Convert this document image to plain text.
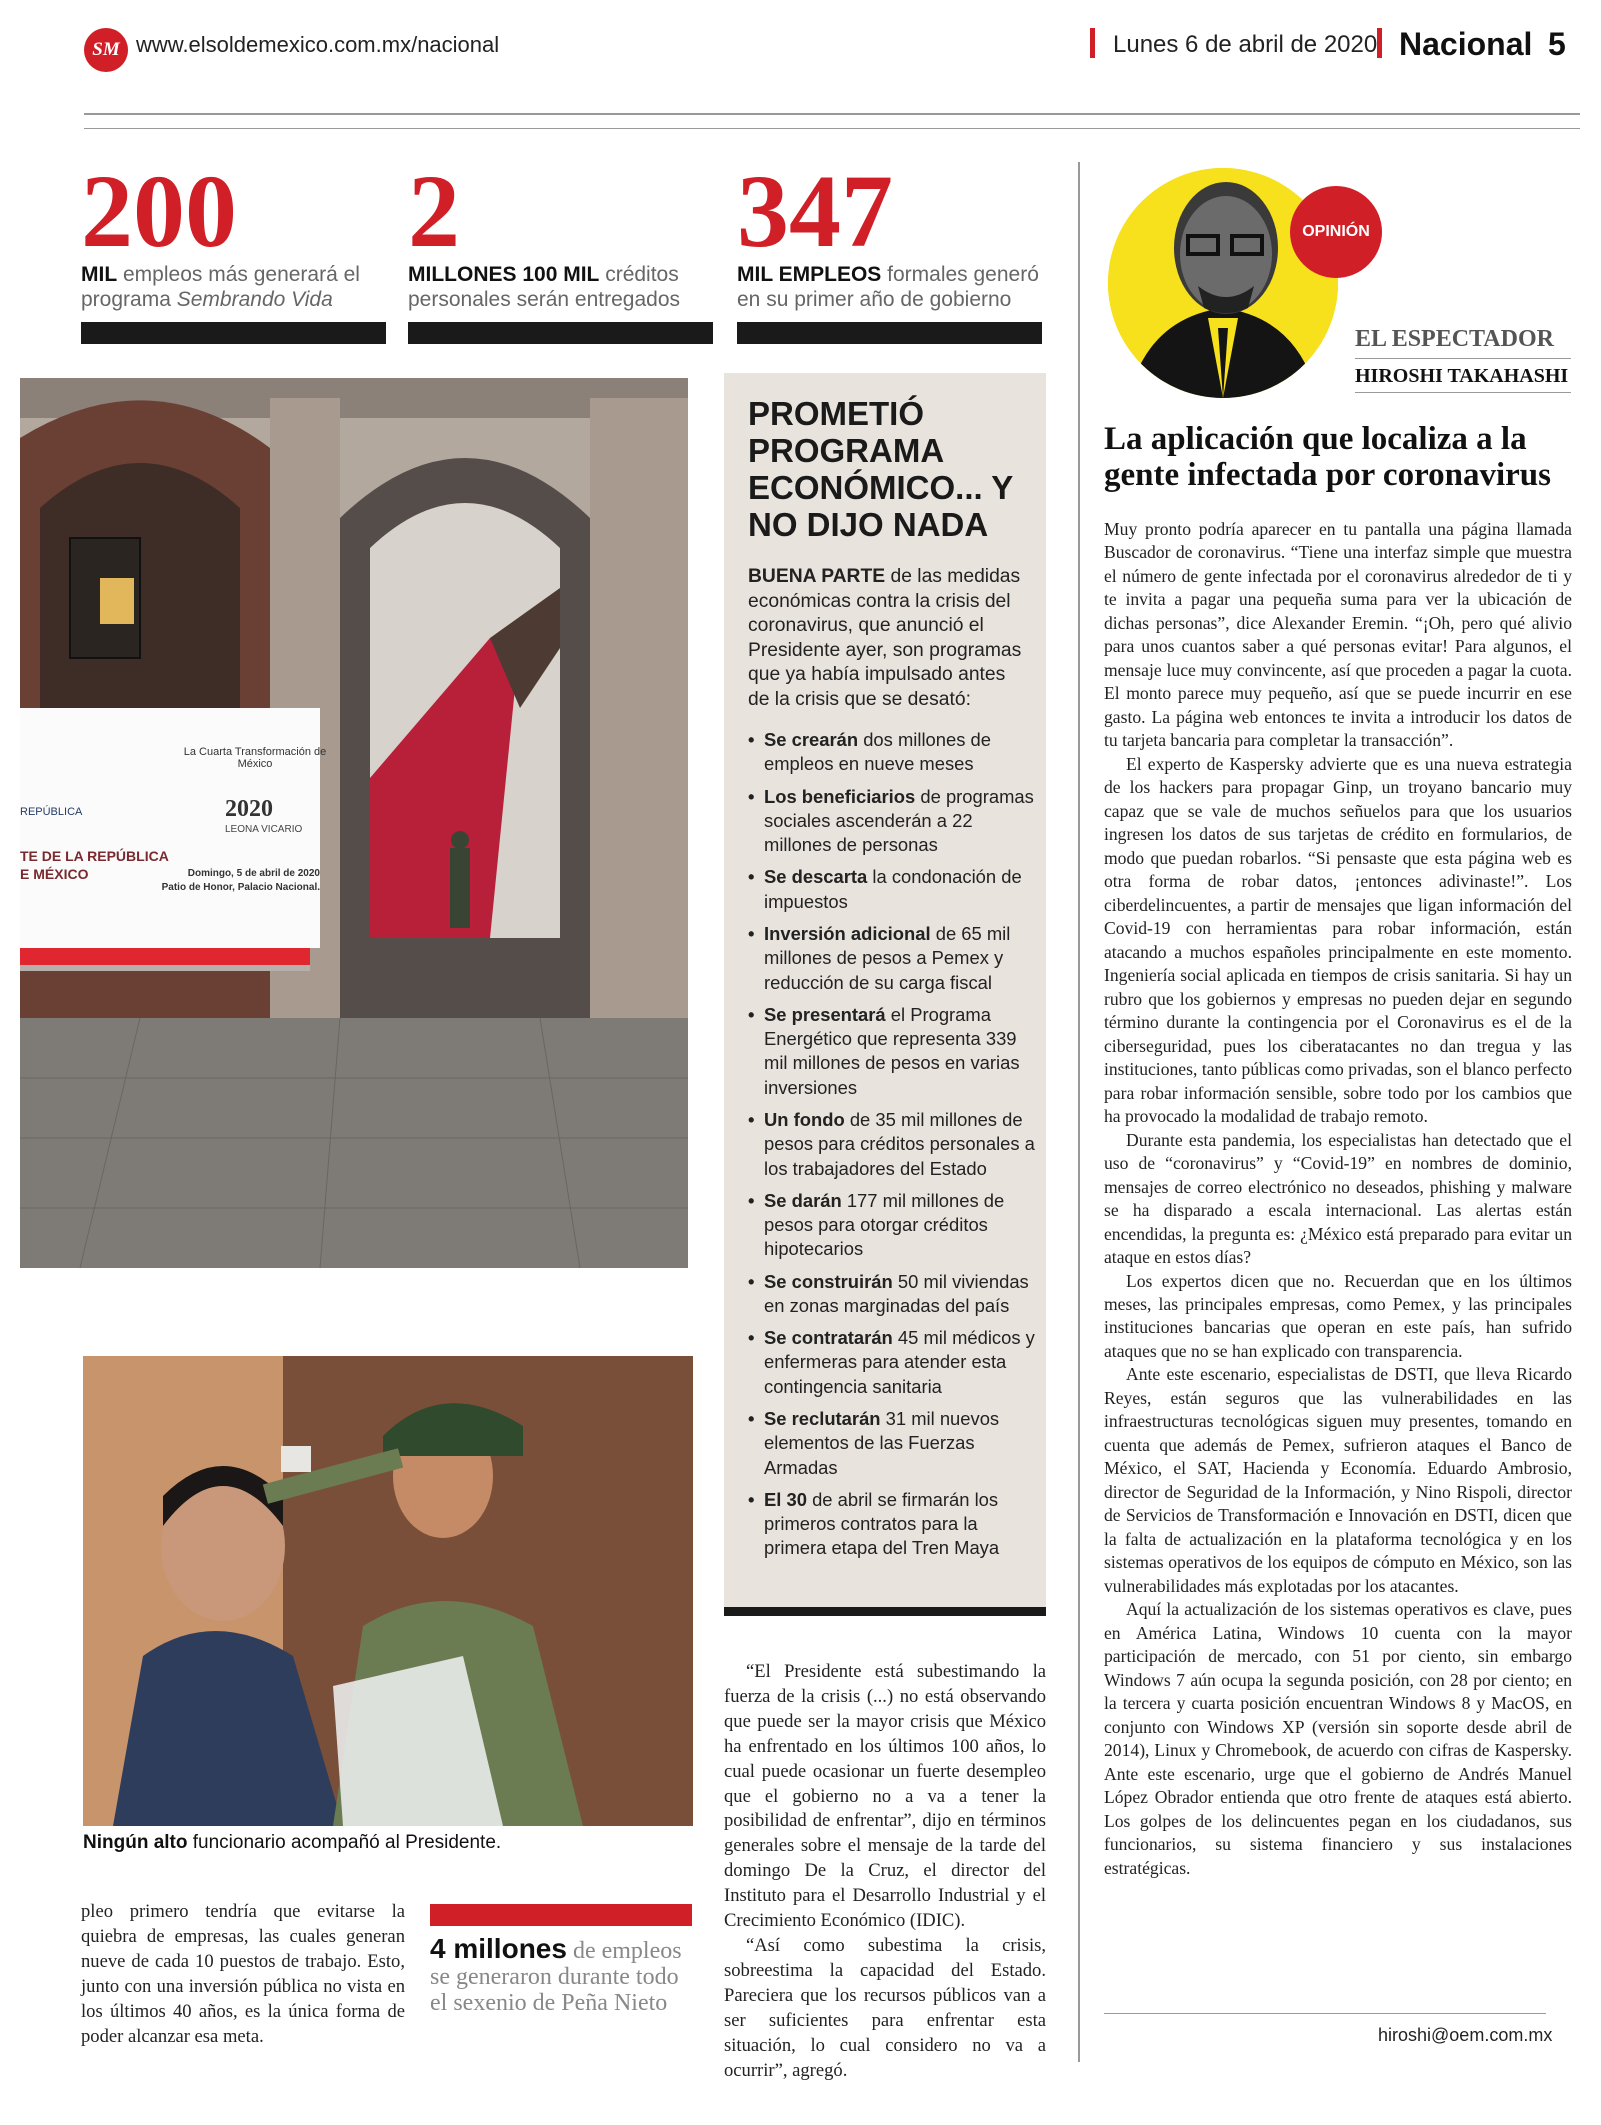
SM www.elsoldemexico.com.mx/nacional	Lunes 6 de abril de 2020 Nacional 5
200
MIL empleos más generará el programa Sembrando Vida
2
MILLONES 100 MIL créditos personales serán entregados
347
MIL EMPLEOS formales generó en su primer año de gobierno
La Cuarta Transformación de México
2020
LEONA VICARIO
REPÚBLICA
TE DE LA REPÚBLICA
E MÉXICO	Domingo, 5 de abril de 2020
Patio de Honor, Palacio Nacional.
Ningún alto funcionario acompañó al Presidente.

pleo primero tendría que evitarse la quiebra de empresas, las cuales generan nueve de cada 10 puestos de trabajo. Esto, junto con una inversión pública no vista en los últimos 40 años, es la única forma de poder alcanzar esa meta.

4 millones de empleos se generaron durante todo el sexenio de Peña Nieto
PROMETIÓ PROGRAMA ECONÓMICO... Y NO DIJO NADA
BUENA PARTE de las medidas económicas contra la crisis del coronavirus, que anunció el Presidente ayer, son programas que ya había impulsado antes de la crisis que se desató:
• Se crearán dos millones de empleos en nueve meses
• Los beneficiarios de programas sociales ascenderán a 22 millones de personas
• Se descarta la condonación de impuestos
• Inversión adicional de 65 mil millones de pesos a Pemex y reducción de su carga fiscal
• Se presentará el Programa Energético que representa 339 mil millones de pesos en varias inversiones
• Un fondo de 35 mil millones de pesos para créditos personales a los trabajadores del Estado
• Se darán 177 mil millones de pesos para otorgar créditos hipotecarios
• Se construirán 50 mil viviendas en zonas marginadas del país
• Se contratarán 45 mil médicos y enfermeras para atender esta contingencia sanitaria
• Se reclutarán 31 mil nuevos elementos de las Fuerzas Armadas
• El 30 de abril se firmarán los primeros contratos para la primera etapa del Tren Maya

“El Presidente está subestimando la fuerza de la crisis (...) no está observando que puede ser la mayor crisis que México ha enfrentado en los últimos 100 años, lo cual puede ocasionar un fuerte desempleo que el gobierno no a va a tener la posibilidad de enfrentar”, dijo en términos generales sobre el mensaje de la tarde del domingo De la Cruz, el director del Instituto para el Desarrollo Industrial y el Crecimiento Económico (IDIC).

“Así como subestima la crisis, sobreestima la capacidad del Estado. Pareciera que los recursos públicos van a ser suficientes para enfrentar esta situación, lo cual considero no va a ocurrir”, agregó.

OPINIÓN
EL ESPECTADOR
HIROSHI TAKAHASHI
La aplicación que localiza a la gente infectada por coronavirus

Muy pronto podría aparecer en tu pantalla una página llamada Buscador de coronavirus. “Tiene una interfaz simple que muestra el número de gente infectada por el coronavirus alrededor de ti y te invita a pagar una pequeña suma para ver la ubicación de dichas personas”, dice Alexander Eremin. “¡Oh, pero qué alivio para unos cuantos saber a qué personas evitar! Para algunos, el mensaje luce muy convincente, así que proceden a pagar la cuota. El monto parece muy pequeño, así que se puede incurrir en ese gasto. La página web entonces te invita a introducir los datos de tu tarjeta bancaria para completar la transacción”.

El experto de Kaspersky advierte que es una nueva estrategia de los hackers para propagar Ginp, un troyano bancario muy capaz que se vale de muchos señuelos para que los usuarios ingresen los datos de sus tarjetas de crédito en formularios, de modo que puedan robarlos. “Si pensaste que esta página web es otra forma de robar datos, ¡entonces adivinaste!”. Los ciberdelincuentes, a partir de mensajes que ligan información del Covid-19 con herramientas para robar información, están atacando a muchos españoles principalmente en este momento. Ingeniería social aplicada en tiempos de crisis sanitaria. Si hay un rubro que los gobiernos y empresas no pueden dejar en segundo término durante la contingencia por el Coronavirus es el de la ciberseguridad, pues los ciberatacantes no dan tregua y las instituciones, tanto públicas como privadas, son el blanco perfecto para robar información sensible, sobre todo por los cambios que ha provocado la modalidad de trabajo remoto.

Durante esta pandemia, los especialistas han detectado que el uso de “coronavirus” y “Covid-19” en nombres de dominio, mensajes de correo electrónico no deseados, phishing y malware se ha disparado a escala internacional. Las alertas están encendidas, la pregunta es: ¿México está preparado para evitar un ataque en estos días?

Los expertos dicen que no. Recuerdan que en los últimos meses, las principales empresas, como Pemex, y las principales instituciones bancarias que operan en este país, han sufrido ataques que no se han explicado con transparencia.

Ante este escenario, especialistas de DSTI, que lleva Ricardo Reyes, están seguros que las vulnerabilidades en las infraestructuras tecnológicas siguen muy presentes, tomando en cuenta que además de Pemex, sufrieron ataques el Banco de México, el SAT, Hacienda y Economía. Eduardo Ambrosio, director de Seguridad de la Información, y Nino Rispoli, director de Servicios de Transformación e Innovación en DSTI, dicen que la falta de actualización en la plataforma tecnológica y en los sistemas operativos de los equipos de cómputo en México, son las vulnerabilidades más explotadas por los atacantes.

Aquí la actualización de los sistemas operativos es clave, pues en América Latina, Windows 10 cuenta con la mayor participación de mercado, con 51 por ciento, sin embargo Windows 7 aún ocupa la segunda posición, con 28 por ciento; en la tercera y cuarta posición encuentran Windows 8 y MacOS, en conjunto con Windows XP (versión sin soporte desde abril de 2014), Linux y Chromebook, de acuerdo con cifras de Kaspersky. Ante este escenario, urge que el gobierno de Andrés Manuel López Obrador entienda que otro frente de ataques está abierto. Los golpes de los delincuentes pegan en los ciudadanos, sus funcionarios, su sistema financiero y sus instalaciones estratégicas.

hiroshi@oem.com.mx
